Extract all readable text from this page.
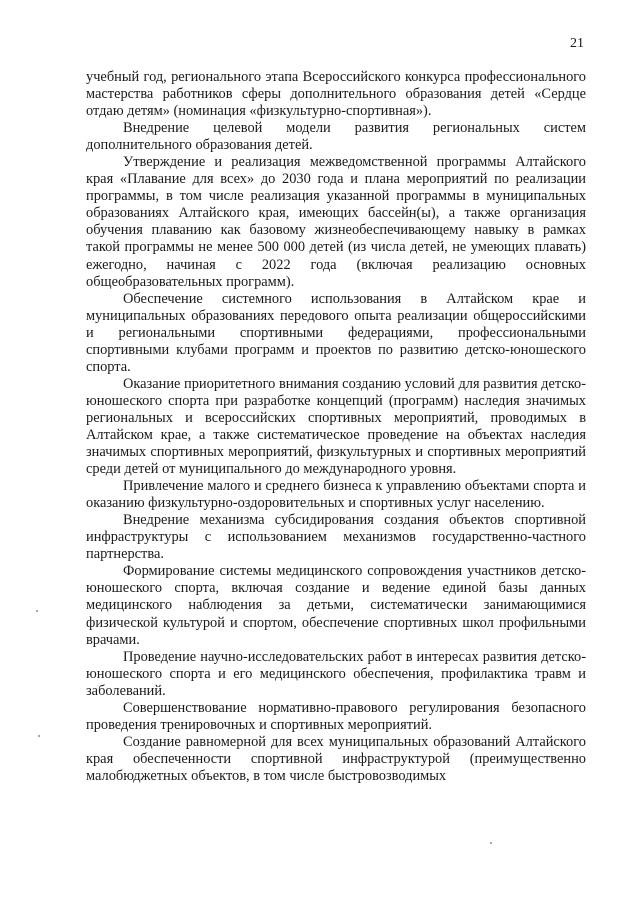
21

учебный год, регионального этапа Всероссийского конкурса профессионального мастерства работников сферы дополнительного образования детей «Сердце отдаю детям» (номинация «физкультурно-спортивная»).

Внедрение целевой модели развития региональных систем дополнительного образования детей.

Утверждение и реализация межведомственной программы Алтайского края «Плавание для всех» до 2030 года и плана мероприятий по реализации программы, в том числе реализация указанной программы в муниципальных образованиях Алтайского края, имеющих бассейн(ы), а также организация обучения плаванию как базовому жизнеобеспечивающему навыку в рамках такой программы не менее 500 000 детей (из числа детей, не умеющих плавать) ежегодно, начиная с 2022 года (включая реализацию основных общеобразовательных программ).

Обеспечение системного использования в Алтайском крае и муниципальных образованиях передового опыта реализации общероссийскими и региональными спортивными федерациями, профессиональными спортивными клубами программ и проектов по развитию детско-юношеского спорта.

Оказание приоритетного внимания созданию условий для развития детско-юношеского спорта при разработке концепций (программ) наследия значимых региональных и всероссийских спортивных мероприятий, проводимых в Алтайском крае, а также систематическое проведение на объектах наследия значимых спортивных мероприятий, физкультурных и спортивных мероприятий среди детей от муниципального до международного уровня.

Привлечение малого и среднего бизнеса к управлению объектами спорта и оказанию физкультурно-оздоровительных и спортивных услуг населению.

Внедрение механизма субсидирования создания объектов спортивной инфраструктуры с использованием механизмов государственно-частного партнерства.

Формирование системы медицинского сопровождения участников детско-юношеского спорта, включая создание и ведение единой базы данных медицинского наблюдения за детьми, систематически занимающимися физической культурой и спортом, обеспечение спортивных школ профильными врачами.

Проведение научно-исследовательских работ в интересах развития детско-юношеского спорта и его медицинского обеспечения, профилактика травм и заболеваний.

Совершенствование нормативно-правового регулирования безопасного проведения тренировочных и спортивных мероприятий.

Создание равномерной для всех муниципальных образований Алтайского края обеспеченности спортивной инфраструктурой (преимущественно малобюджетных объектов, в том числе быстровозводимых
